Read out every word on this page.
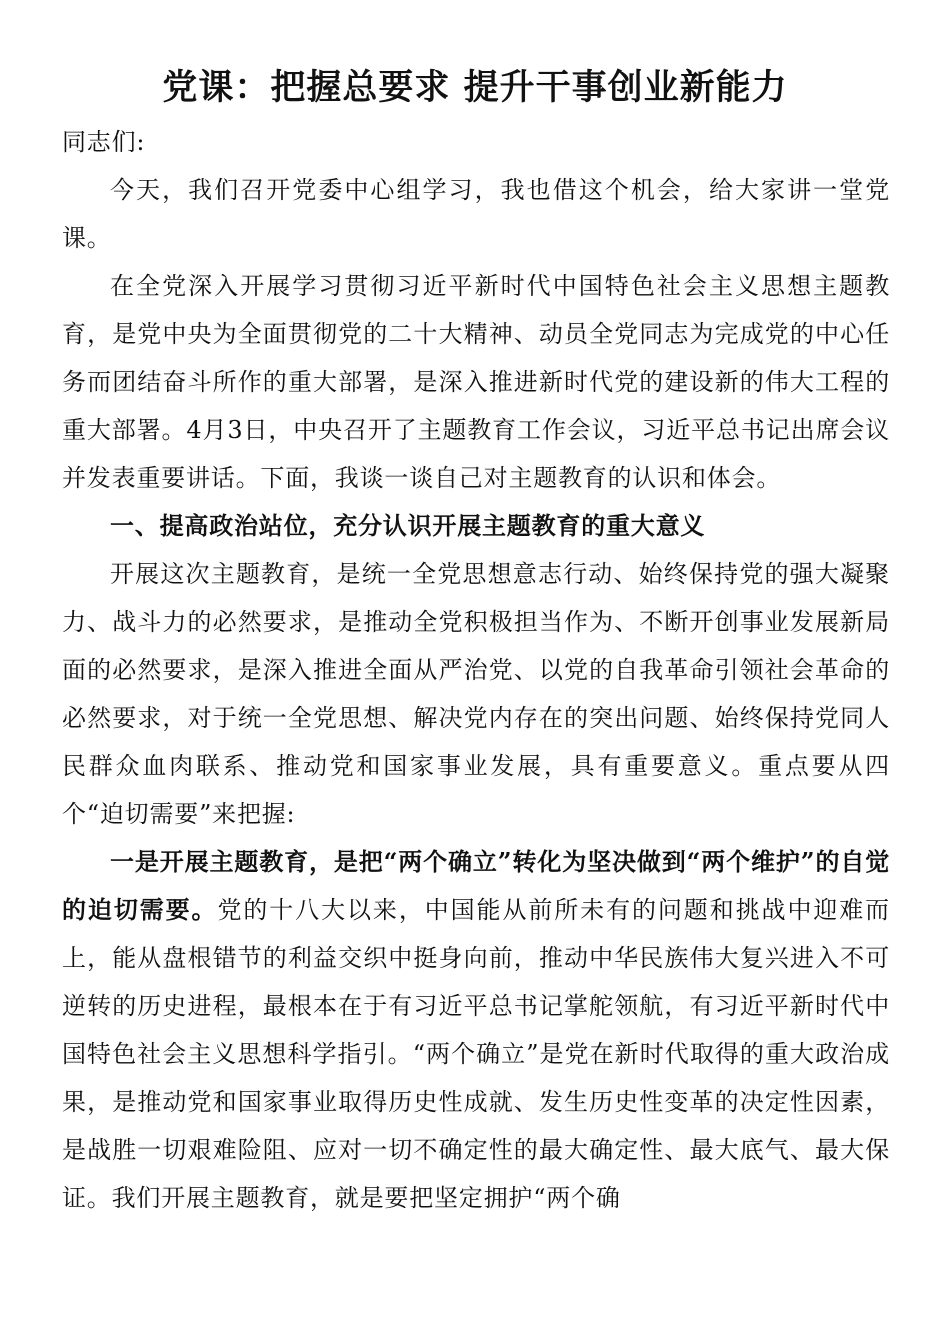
党课：把握总要求 提升干事创业新能力

同志们:

今天，我们召开党委中心组学习，我也借这个机会，给大家讲一堂党课。

在全党深入开展学习贯彻习近平新时代中国特色社会主义思想主题教育，是党中央为全面贯彻党的二十大精神、动员全党同志为完成党的中心任务而团结奋斗所作的重大部署，是深入推进新时代党的建设新的伟大工程的重大部署。4月3日，中央召开了主题教育工作会议，习近平总书记出席会议并发表重要讲话。下面，我谈一谈自己对主题教育的认识和体会。

一、提高政治站位，充分认识开展主题教育的重大意义

开展这次主题教育，是统一全党思想意志行动、始终保持党的强大凝聚力、战斗力的必然要求，是推动全党积极担当作为、不断开创事业发展新局面的必然要求，是深入推进全面从严治党、以党的自我革命引领社会革命的必然要求，对于统一全党思想、解决党内存在的突出问题、始终保持党同人民群众血肉联系、推动党和国家事业发展，具有重要意义。重点要从四个“迫切需要”来把握:

一是开展主题教育，是把“两个确立”转化为坚决做到“两个维护”的自觉的迫切需要。党的十八大以来，中国能从前所未有的问题和挑战中迎难而上，能从盘根错节的利益交织中挺身向前，推动中华民族伟大复兴进入不可逆转的历史进程，最根本在于有习近平总书记掌舵领航，有习近平新时代中国特色社会主义思想科学指引。“两个确立”是党在新时代取得的重大政治成果，是推动党和国家事业取得历史性成就、发生历史性变革的决定性因素，是战胜一切艰难险阻、应对一切不确定性的最大确定性、最大底气、最大保证。我们开展主题教育，就是要把坚定拥护“两个确
